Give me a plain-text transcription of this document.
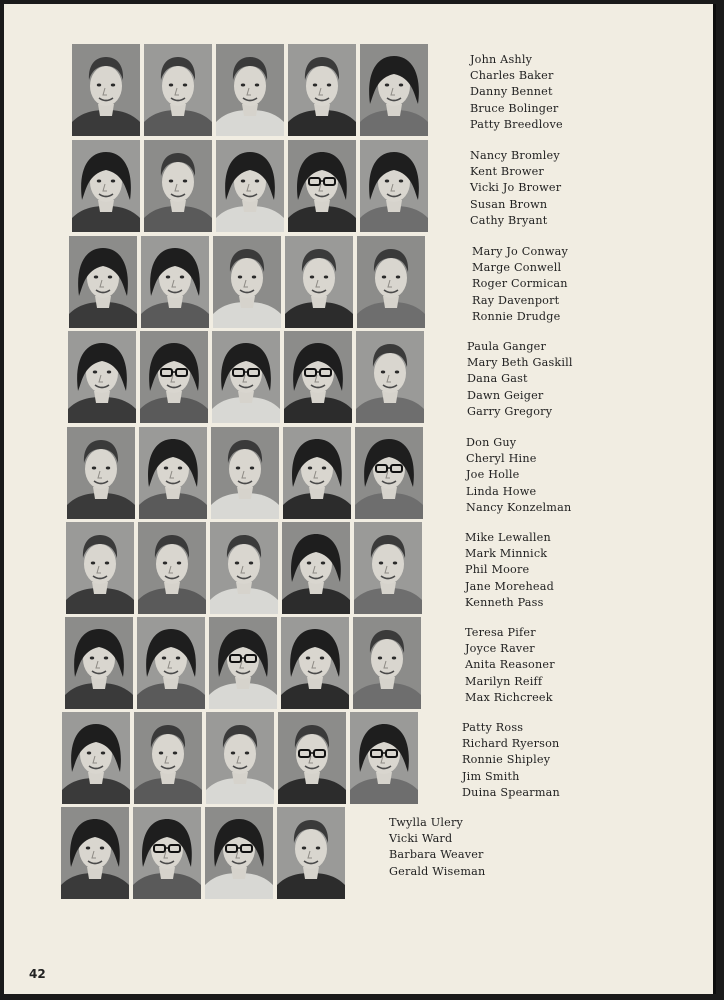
John Ashly
Charles Baker
Danny Bennet
Bruce Bolinger
Patty Breedlove
Nancy Bromley
Kent Brower
Vicki Jo Brower
Susan Brown
Cathy Bryant
Mary Jo Conway
Marge Conwell
Roger Cormican
Ray Davenport
Ronnie Drudge
Paula Ganger
Mary Beth Gaskill
Dana Gast
Dawn Geiger
Garry Gregory
Don Guy
Cheryl Hine
Joe Holle
Linda Howe
Nancy Konzelman
Mike Lewallen
Mark Minnick
Phil Moore
Jane Morehead
Kenneth Pass
Teresa Pifer
Joyce Raver
Anita Reasoner
Marilyn Reiff
Max Richcreek
Patty Ross
Richard Ryerson
Ronnie Shipley
Jim Smith
Duina Spearman
Twylla Ulery
Vicki Ward
Barbara Weaver
Gerald Wiseman
42
